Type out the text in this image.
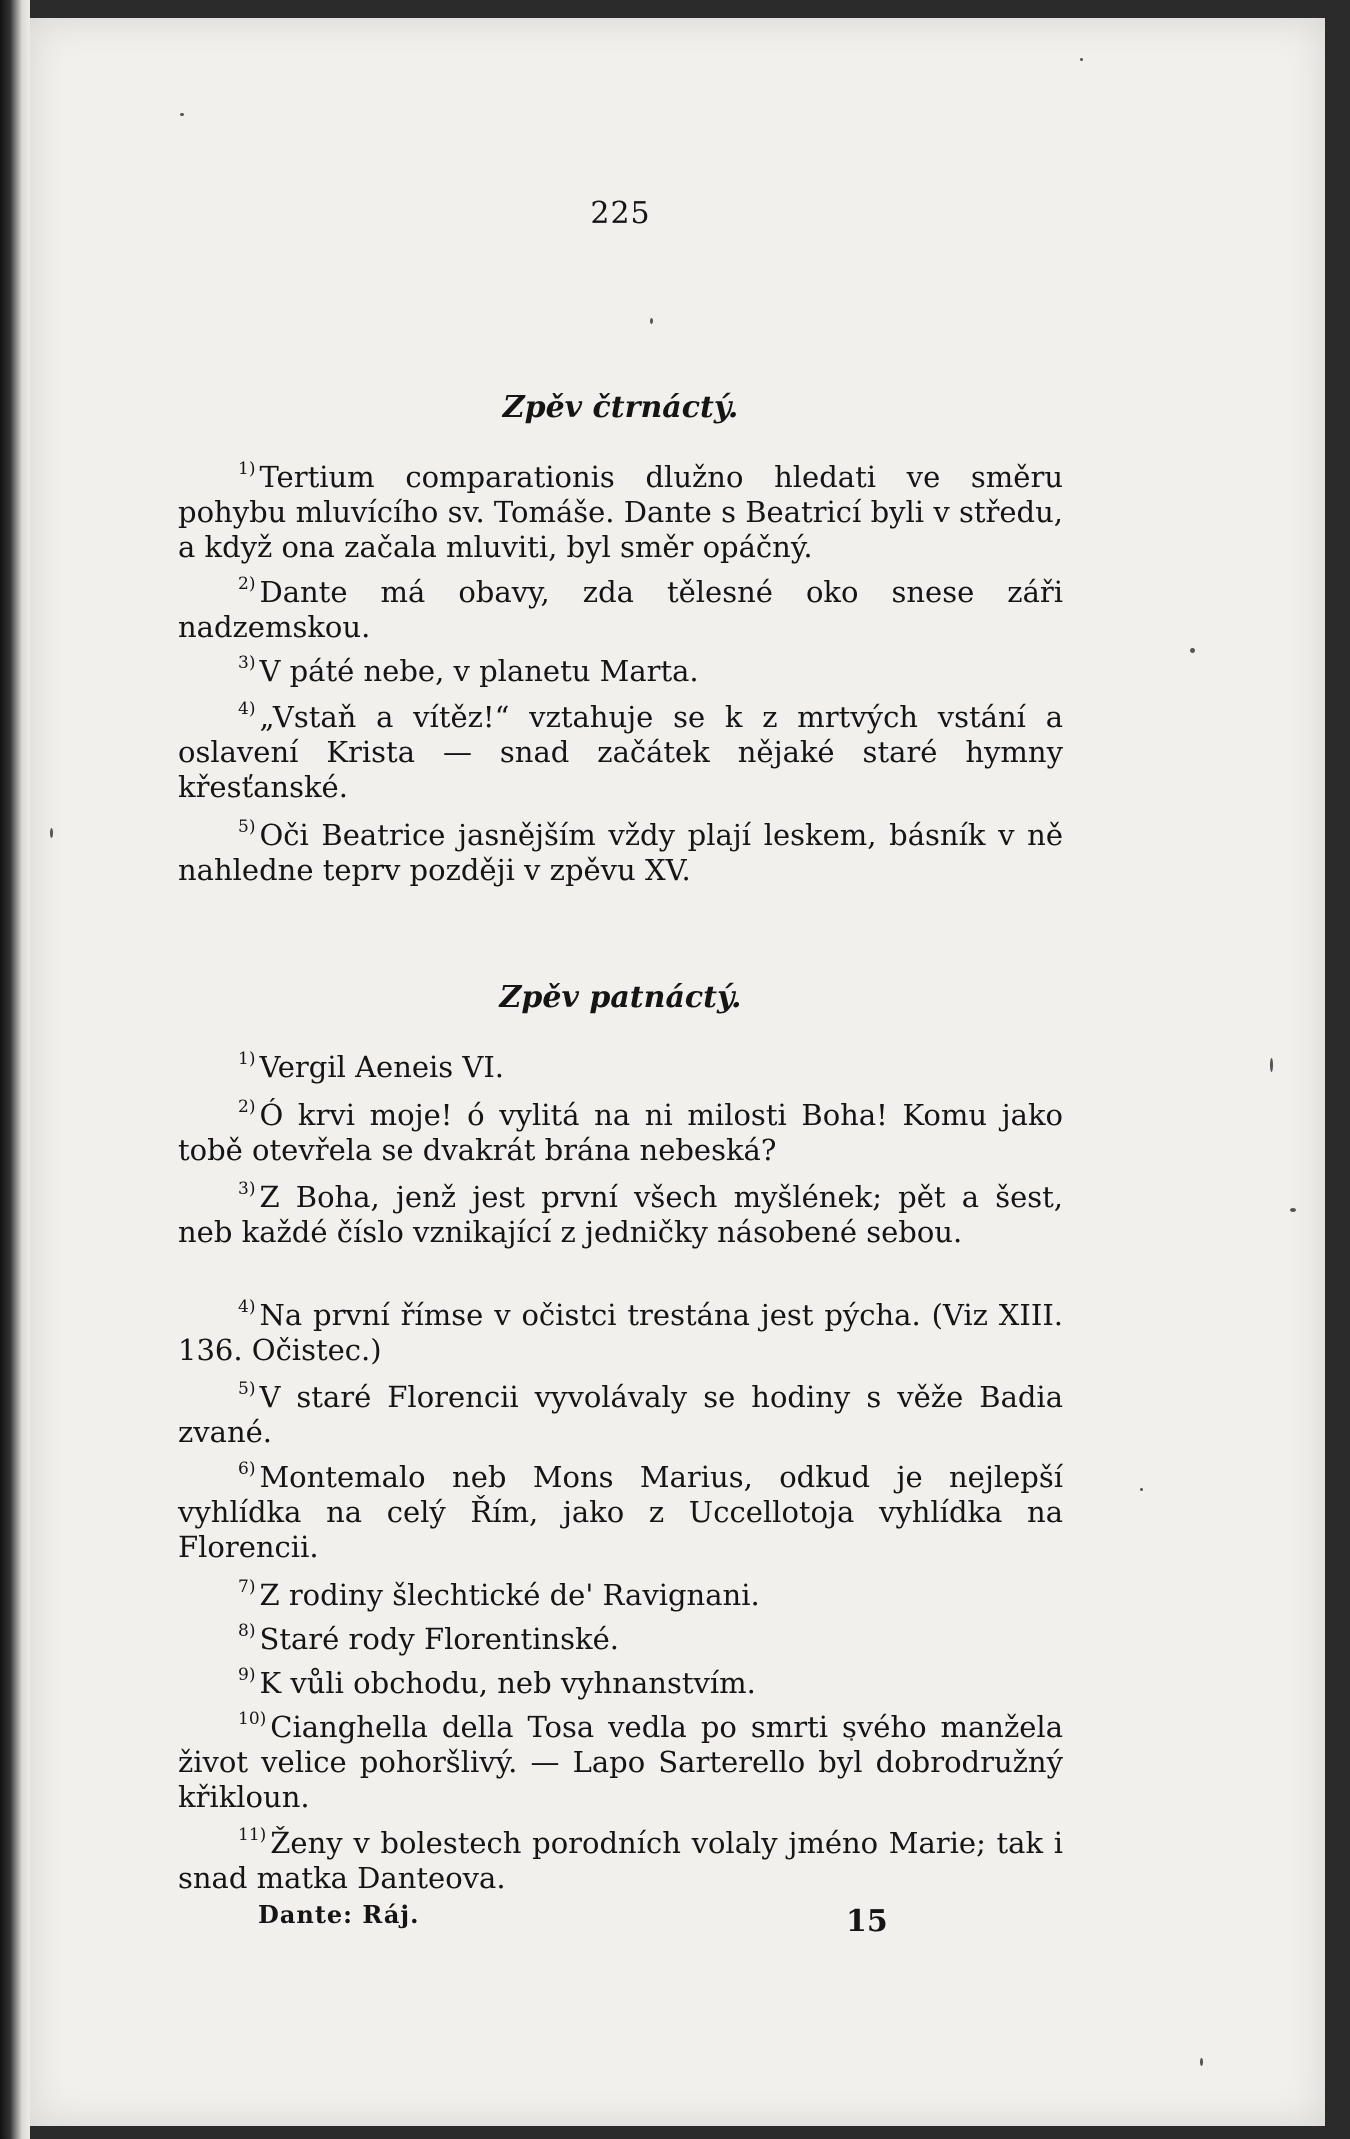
225
Zpěv čtrnáctý.
$^{1)}$ Tertium comparationis dlužno hledati ve směru pohybu mluvícího sv. Tomáše. Dante s Beatricí byli v středu, a když ona začala mluviti, byl směr opáčný.
$^{2)}$ Dante má obavy, zda tělesné oko snese záři nadzemskou.
$^{3)}$ V páté nebe, v planetu Marta.
$^{4)}$ „Vstaň a vítěz!“ vztahuje se k z mrtvých vstání a oslavení Krista — snad začátek nějaké staré hymny křesťanské.
$^{5)}$ Oči Beatrice jasnějším vždy plají leskem, básník v ně nahledne teprv později v zpěvu XV.
Zpěv patnáctý.
$^{1)}$ Vergil Aeneis VI.
$^{2)}$ Ó krvi moje! ó vylitá na ni milosti Boha! Komu jako tobě otevřela se dvakrát brána nebeská?
$^{3)}$ Z Boha, jenž jest první všech myšlének; pět a šest, neb každé číslo vznikající z jedničky násobené sebou.
$^{4)}$ Na první římse v očistci trestána jest pýcha. (Viz XIII. 136. Očistec.)
$^{5)}$ V staré Florencii vyvolávaly se hodiny s věže Badia zvané.
$^{6)}$ Montemalo neb Mons Marius, odkud je nejlepší vyhlídka na celý Řím, jako z Uccellotoja vyhlídka na Florencii.
$^{7)}$ Z rodiny šlechtické de' Ravignani.
$^{8)}$ Staré rody Florentinské.
$^{9)}$ K vůli obchodu, neb vyhnanstvím.
$^{10)}$ Cianghella della Tosa vedla po smrti svého manžela život velice pohoršlivý. — Lapo Sarterello byl dobrodružný křikloun.
$^{11)}$ Ženy v bolestech porodních volaly jméno Marie; tak i snad matka Danteova.
Dante: Ráj.	15
